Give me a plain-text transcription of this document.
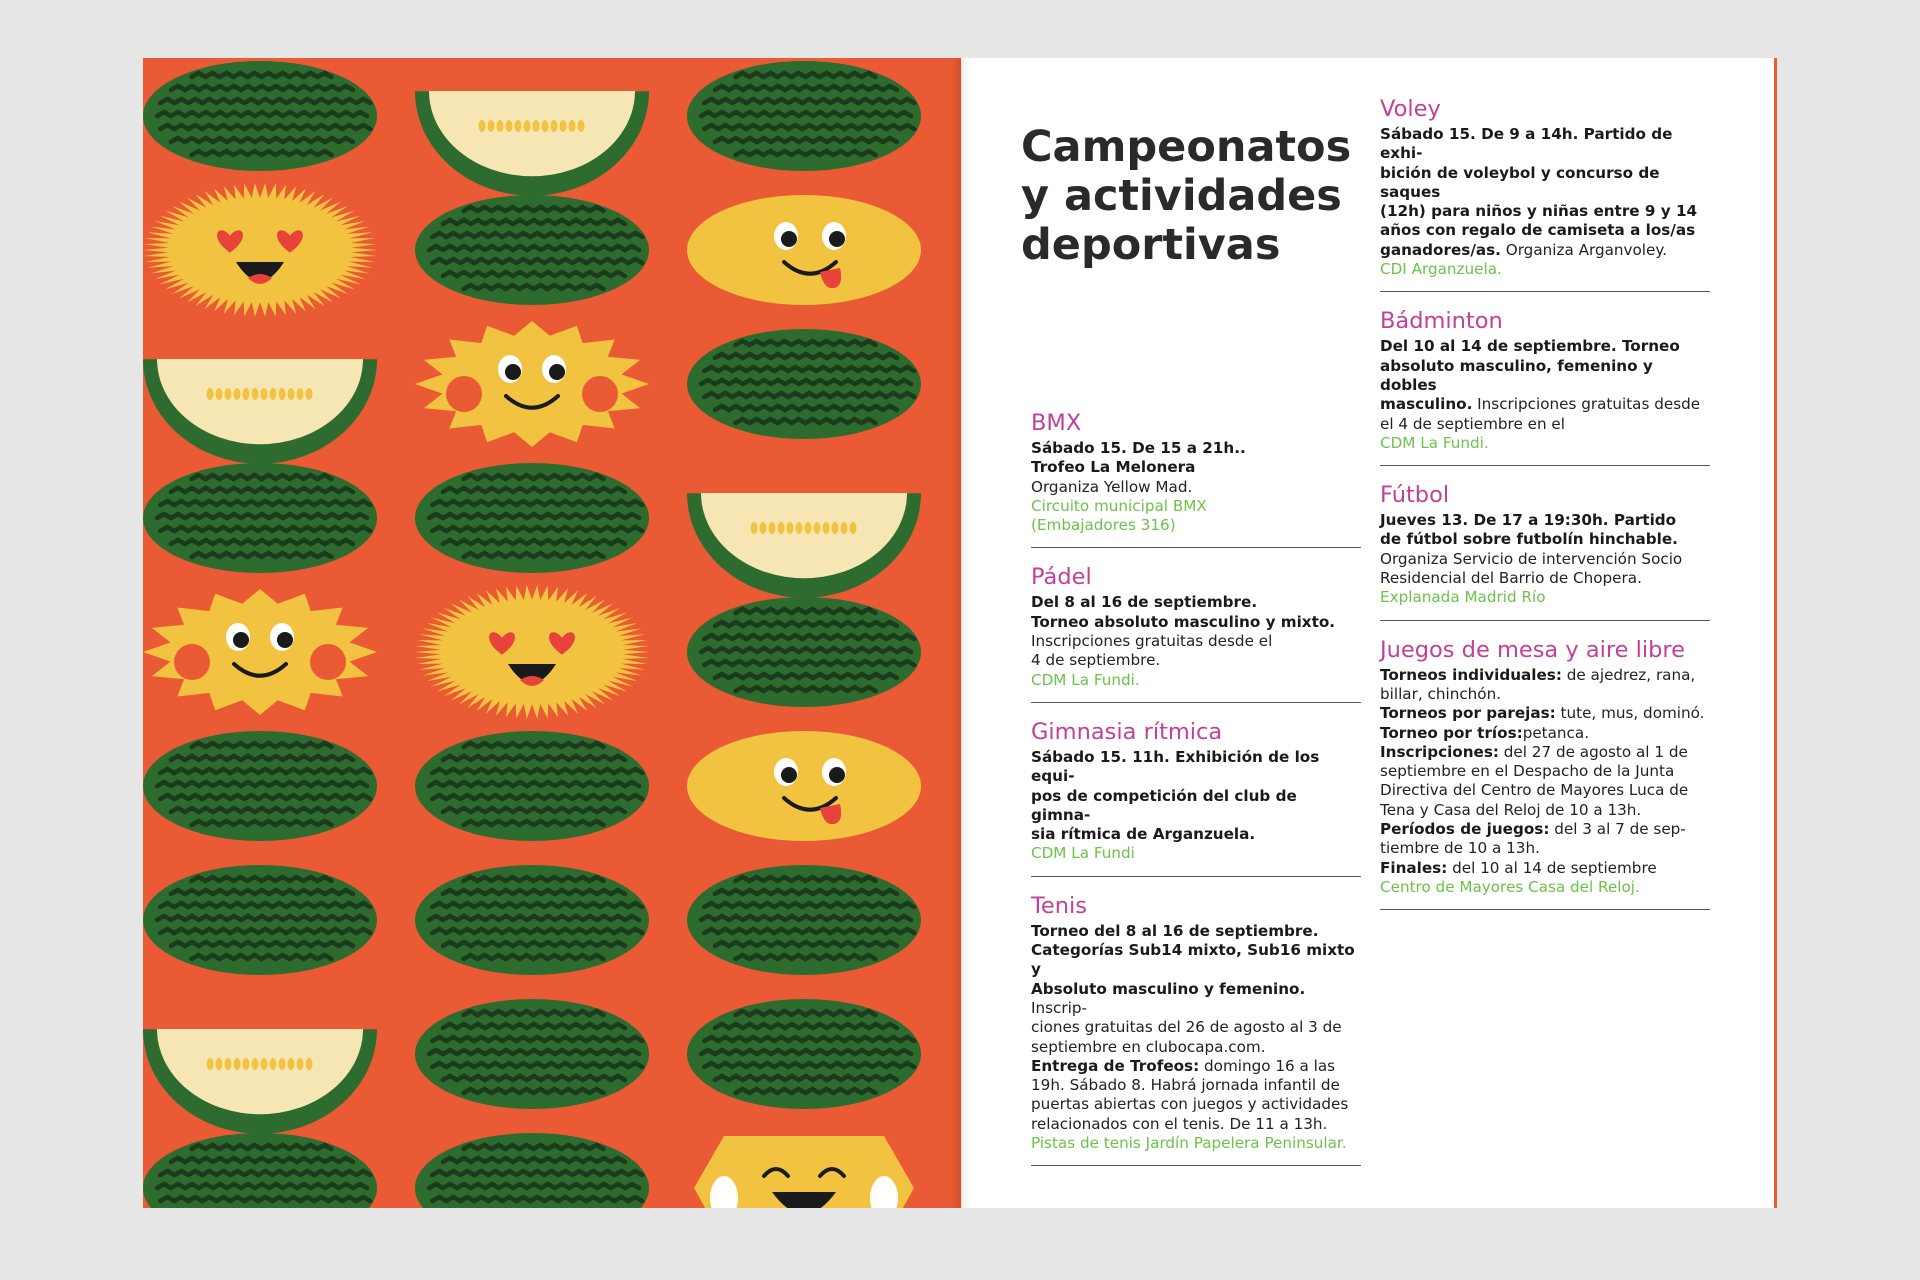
Campeonatos
y actividades
deportivas
BMX

Sábado 15. De 15 a 21h..

Trofeo La Melonera

Organiza Yellow Mad.

Circuito municipal BMX

(Embajadores 316)

Pádel

Del 8 al 16 de septiembre.

Torneo absoluto masculino y mixto.

Inscripciones gratuitas desde el

4 de septiembre.

CDM La Fundi.

Gimnasia rítmica

Sábado 15. 11h. Exhibición de los equi-

pos de competición del club de gimna-

sia rítmica de Arganzuela.

CDM La Fundi

Tenis

Torneo del 8 al 16 de septiembre.

Categorías Sub14 mixto, Sub16 mixto y

Absoluto masculino y femenino. Inscrip-

ciones gratuitas del 26 de agosto al 3 de

septiembre en clubocapa.com.

Entrega de Trofeos: domingo 16 a las

19h. Sábado 8. Habrá jornada infantil de

puertas abiertas con juegos y actividades

relacionados con el tenis. De 11 a 13h.

Pistas de tenis Jardín Papelera Peninsular.

Voley

Sábado 15. De 9 a 14h. Partido de exhi-

bición de voleybol y concurso de saques

(12h) para niños y niñas entre 9 y 14

años con regalo de camiseta a los/as

ganadores/as. Organiza Arganvoley.

CDI Arganzuela.

Bádminton

Del 10 al 14 de septiembre. Torneo

absoluto masculino, femenino y dobles

masculino. Inscripciones gratuitas desde

el 4 de septiembre en el

CDM La Fundi.

Fútbol

Jueves 13. De 17 a 19:30h. Partido

de fútbol sobre futbolín hinchable.

Organiza Servicio de intervención Socio

Residencial del Barrio de Chopera.

Explanada Madrid Río

Juegos de mesa y aire libre

Torneos individuales: de ajedrez, rana,

billar, chinchón.

Torneos por parejas: tute, mus, dominó.

Torneo por tríos:petanca.

Inscripciones: del 27 de agosto al 1 de

septiembre en el Despacho de la Junta

Directiva del Centro de Mayores Luca de

Tena y Casa del Reloj de 10 a 13h.

Períodos de juegos: del 3 al 7 de sep-

tiembre de 10 a 13h.

Finales: del 10 al 14 de septiembre

Centro de Mayores Casa del Reloj.
